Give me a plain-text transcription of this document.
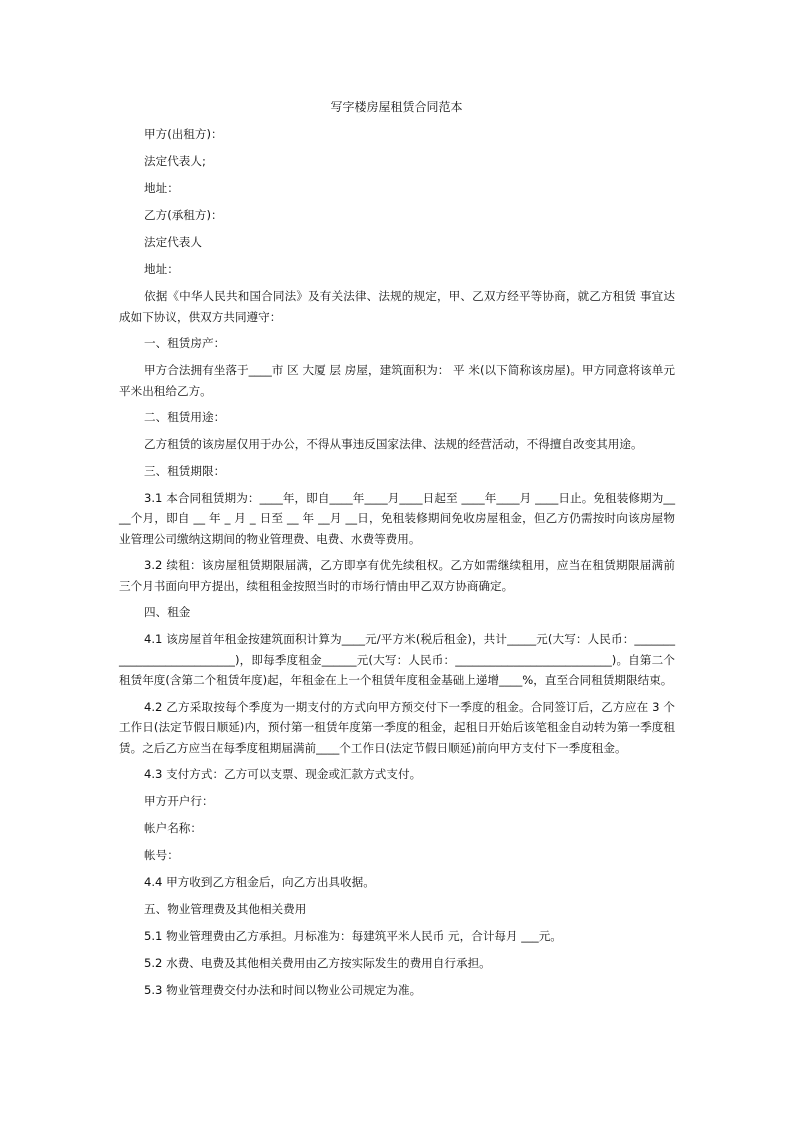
写字楼房屋租赁合同范本

甲方(出租方)：

法定代表人;

地址：

乙方(承租方)：

法定代表人

地址：

依据《中华人民共和国合同法》及有关法律、法规的规定，甲、乙双方经平等协商，就乙方租赁 事宜达成如下协议，供双方共同遵守：

一、租赁房产：

甲方合法拥有坐落于____市 区 大厦 层 房屋，建筑面积为： 平 米(以下简称该房屋)。甲方同意将该单元 平米出租给乙方。

二、租赁用途：

乙方租赁的该房屋仅用于办公，不得从事违反国家法律、法规的经营活动，不得擅自改变其用途。

三、租赁期限：

3.1 本合同租赁期为：____年，即自____年____月____日起至 ____年____月 ____日止。免租装修期为____个月，即自 __ 年 _ 月 _ 日至 __ 年 __月 __日，免租装修期间免收房屋租金，但乙方仍需按时向该房屋物业管理公司缴纳这期间的物业管理费、电费、水费等费用。

3.2 续租：该房屋租赁期限届满，乙方即享有优先续租权。乙方如需继续租用，应当在租赁期限届满前三个月书面向甲方提出，续租租金按照当时的市场行情由甲乙双方协商确定。

四、租金

4.1 该房屋首年租金按建筑面积计算为____元/平方米(税后租金)，共计_____元(大写：人民币：___________________________)，即每季度租金______元(大写：人民币：___________________________)。自第二个租赁年度(含第二个租赁年度)起，年租金在上一个租赁年度租金基础上递增____%，直至合同租赁期限结束。

4.2 乙方采取按每个季度为一期支付的方式向甲方预交付下一季度的租金。合同签订后，乙方应在 3 个工作日(法定节假日顺延)内，预付第一租赁年度第一季度的租金，起租日开始后该笔租金自动转为第一季度租赁。之后乙方应当在每季度租期届满前____个工作日(法定节假日顺延)前向甲方支付下一季度租金。

4.3 支付方式：乙方可以支票、现金或汇款方式支付。

甲方开户行：

帐户名称：

帐号：

4.4 甲方收到乙方租金后，向乙方出具收据。

五、物业管理费及其他相关费用

5.1 物业管理费由乙方承担。月标准为：每建筑平米人民币 元，合计每月 ___元。

5.2 水费、电费及其他相关费用由乙方按实际发生的费用自行承担。

5.3 物业管理费交付办法和时间以物业公司规定为准。
